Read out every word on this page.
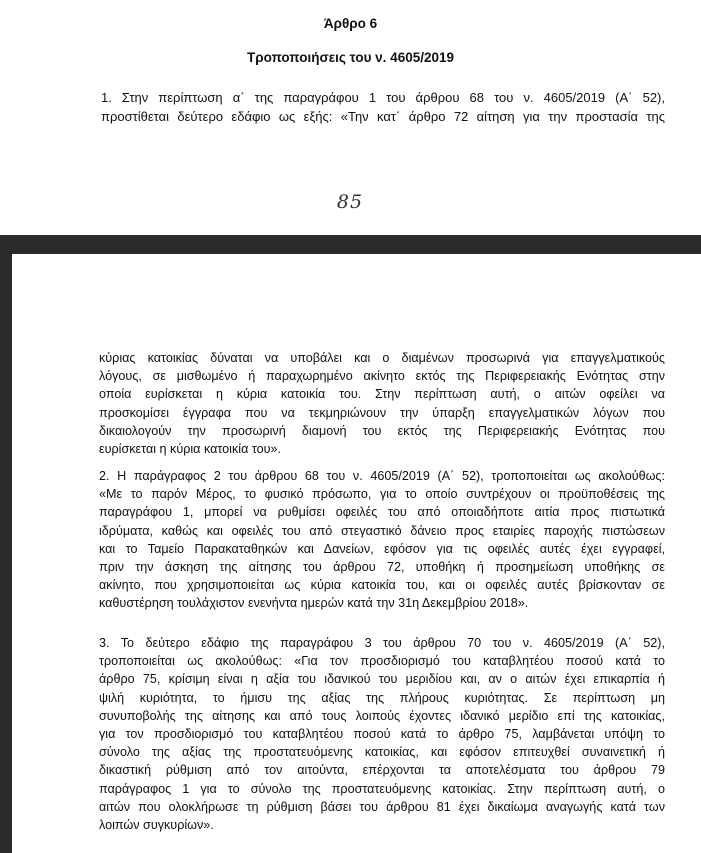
Άρθρο 6
Τροποποιήσεις του ν. 4605/2019

1. Στην περίπτωση α΄ της παραγράφου 1 του άρθρου 68 του ν. 4605/2019 (Α΄ 52),
προστίθεται δεύτερο εδάφιο ως εξής: «Την κατ΄ άρθρο 72 αίτηση για την προστασία της

85
κύριας κατοικίας δύναται να υποβάλει και ο διαμένων προσωρινά για επαγγελματικούς
λόγους, σε μισθωμένο ή παραχωρημένο ακίνητο εκτός της Περιφερειακής Ενότητας στην
οποία ευρίσκεται η κύρια κατοικία του. Στην περίπτωση αυτή, ο αιτών οφείλει να
προσκομίσει έγγραφα που να τεκμηριώνουν την ύπαρξη επαγγελματικών λόγων που
δικαιολογούν την προσωρινή διαμονή του εκτός της Περιφερειακής Ενότητας που
ευρίσκεται η κύρια κατοικία του».
2. Η παράγραφος 2 του άρθρου 68 του ν. 4605/2019 (Α΄ 52), τροποποιείται ως ακολούθως:
«Με το παρόν Μέρος, το φυσικό πρόσωπο, για το οποίο συντρέχουν οι προϋποθέσεις της
παραγράφου 1, μπορεί να ρυθμίσει οφειλές του από οποιαδήποτε αιτία προς πιστωτικά
ιδρύματα, καθώς και οφειλές του από στεγαστικό δάνειο προς εταιρίες παροχής πιστώσεων
και το Ταμείο Παρακαταθηκών και Δανείων, εφόσον για τις οφειλές αυτές έχει εγγραφεί,
πριν την άσκηση της αίτησης του άρθρου 72, υποθήκη ή προσημείωση υποθήκης σε
ακίνητο, που χρησιμοποιείται ως κύρια κατοικία του, και οι οφειλές αυτές βρίσκονταν σε
καθυστέρηση τουλάχιστον ενενήντα ημερών κατά την 31η Δεκεμβρίου 2018».
3. Το δεύτερο εδάφιο της παραγράφου 3 του άρθρου 70 του ν. 4605/2019 (Α΄ 52),
τροποποιείται ως ακολούθως: «Για τον προσδιορισμό του καταβλητέου ποσού κατά το
άρθρο 75, κρίσιμη είναι η αξία του ιδανικού του μεριδίου και, αν ο αιτών έχει επικαρπία ή
ψιλή κυριότητα, το ήμισυ της αξίας της πλήρους κυριότητας. Σε περίπτωση μη
συνυποβολής της αίτησης και από τους λοιπούς έχοντες ιδανικό μερίδιο επί της κατοικίας,
για τον προσδιορισμό του καταβλητέου ποσού κατά το άρθρο 75, λαμβάνεται υπόψη το
σύνολο της αξίας της προστατευόμενης κατοικίας, και εφόσον επιτευχθεί συναινετική ή
δικαστική ρύθμιση από τον αιτούντα, επέρχονται τα αποτελέσματα του άρθρου 79
παράγραφος 1 για το σύνολο της προστατευόμενης κατοικίας. Στην περίπτωση αυτή, ο
αιτών που ολοκλήρωσε τη ρύθμιση βάσει του άρθρου 81 έχει δικαίωμα αναγωγής κατά των
λοιπών συγκυρίων».
